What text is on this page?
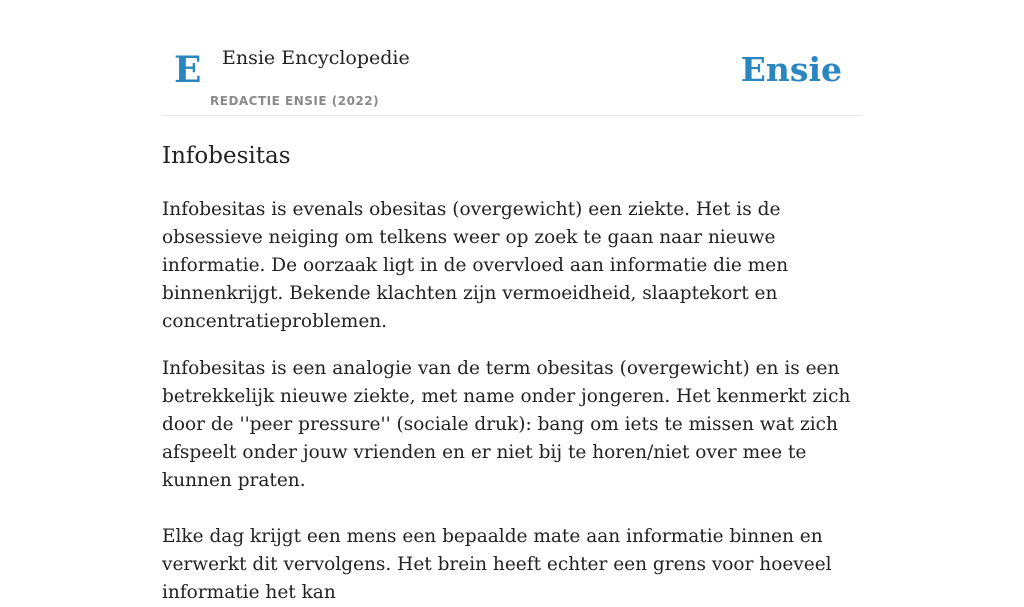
E Ensie Encyclopedie
REDACTIE ENSIE (2022)
Ensie
Infobesitas

Infobesitas is evenals obesitas (overgewicht) een ziekte. Het is de obsessieve neiging om telkens weer op zoek te gaan naar nieuwe informatie. De oorzaak ligt in de overvloed aan informatie die men binnenkrijgt. Bekende klachten zijn vermoeidheid, slaaptekort en concentratieproblemen.

Infobesitas is een analogie van de term obesitas (overgewicht) en is een betrekkelijk nieuwe ziekte, met name onder jongeren. Het kenmerkt zich door de ''peer pressure'' (sociale druk): bang om iets te missen wat zich afspeelt onder jouw vrienden en er niet bij te horen/niet over mee te kunnen praten.

Elke dag krijgt een mens een bepaalde mate aan informatie binnen en verwerkt dit vervolgens. Het brein heeft echter een grens voor hoeveel informatie het kan
